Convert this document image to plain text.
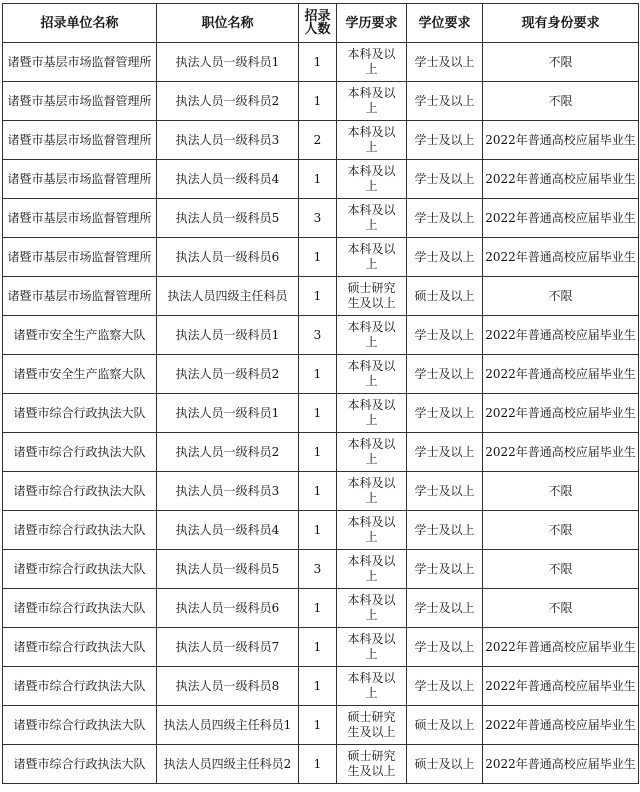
招录单位名称	职位名称	招录人数	学历要求	学位要求	现有身份要求
诸暨市基层市场监督管理所	执法人员一级科员1	1	本科及以上	学士及以上	不限
诸暨市基层市场监督管理所	执法人员一级科员2	1	本科及以上	学士及以上	不限
诸暨市基层市场监督管理所	执法人员一级科员3	2	本科及以上	学士及以上	2022年普通高校应届毕业生
诸暨市基层市场监督管理所	执法人员一级科员4	1	本科及以上	学士及以上	2022年普通高校应届毕业生
诸暨市基层市场监督管理所	执法人员一级科员5	3	本科及以上	学士及以上	2022年普通高校应届毕业生
诸暨市基层市场监督管理所	执法人员一级科员6	1	本科及以上	学士及以上	2022年普通高校应届毕业生
诸暨市基层市场监督管理所	执法人员四级主任科员	1	硕士研究生及以上	硕士及以上	不限
诸暨市安全生产监察大队	执法人员一级科员1	3	本科及以上	学士及以上	2022年普通高校应届毕业生
诸暨市安全生产监察大队	执法人员一级科员2	1	本科及以上	学士及以上	2022年普通高校应届毕业生
诸暨市综合行政执法大队	执法人员一级科员1	1	本科及以上	学士及以上	2022年普通高校应届毕业生
诸暨市综合行政执法大队	执法人员一级科员2	1	本科及以上	学士及以上	2022年普通高校应届毕业生
诸暨市综合行政执法大队	执法人员一级科员3	1	本科及以上	学士及以上	不限
诸暨市综合行政执法大队	执法人员一级科员4	1	本科及以上	学士及以上	不限
诸暨市综合行政执法大队	执法人员一级科员5	3	本科及以上	学士及以上	不限
诸暨市综合行政执法大队	执法人员一级科员6	1	本科及以上	学士及以上	不限
诸暨市综合行政执法大队	执法人员一级科员7	1	本科及以上	学士及以上	2022年普通高校应届毕业生
诸暨市综合行政执法大队	执法人员一级科员8	1	本科及以上	学士及以上	2022年普通高校应届毕业生
诸暨市综合行政执法大队	执法人员四级主任科员1	1	硕士研究生及以上	硕士及以上	2022年普通高校应届毕业生
诸暨市综合行政执法大队	执法人员四级主任科员2	1	硕士研究生及以上	硕士及以上	2022年普通高校应届毕业生
